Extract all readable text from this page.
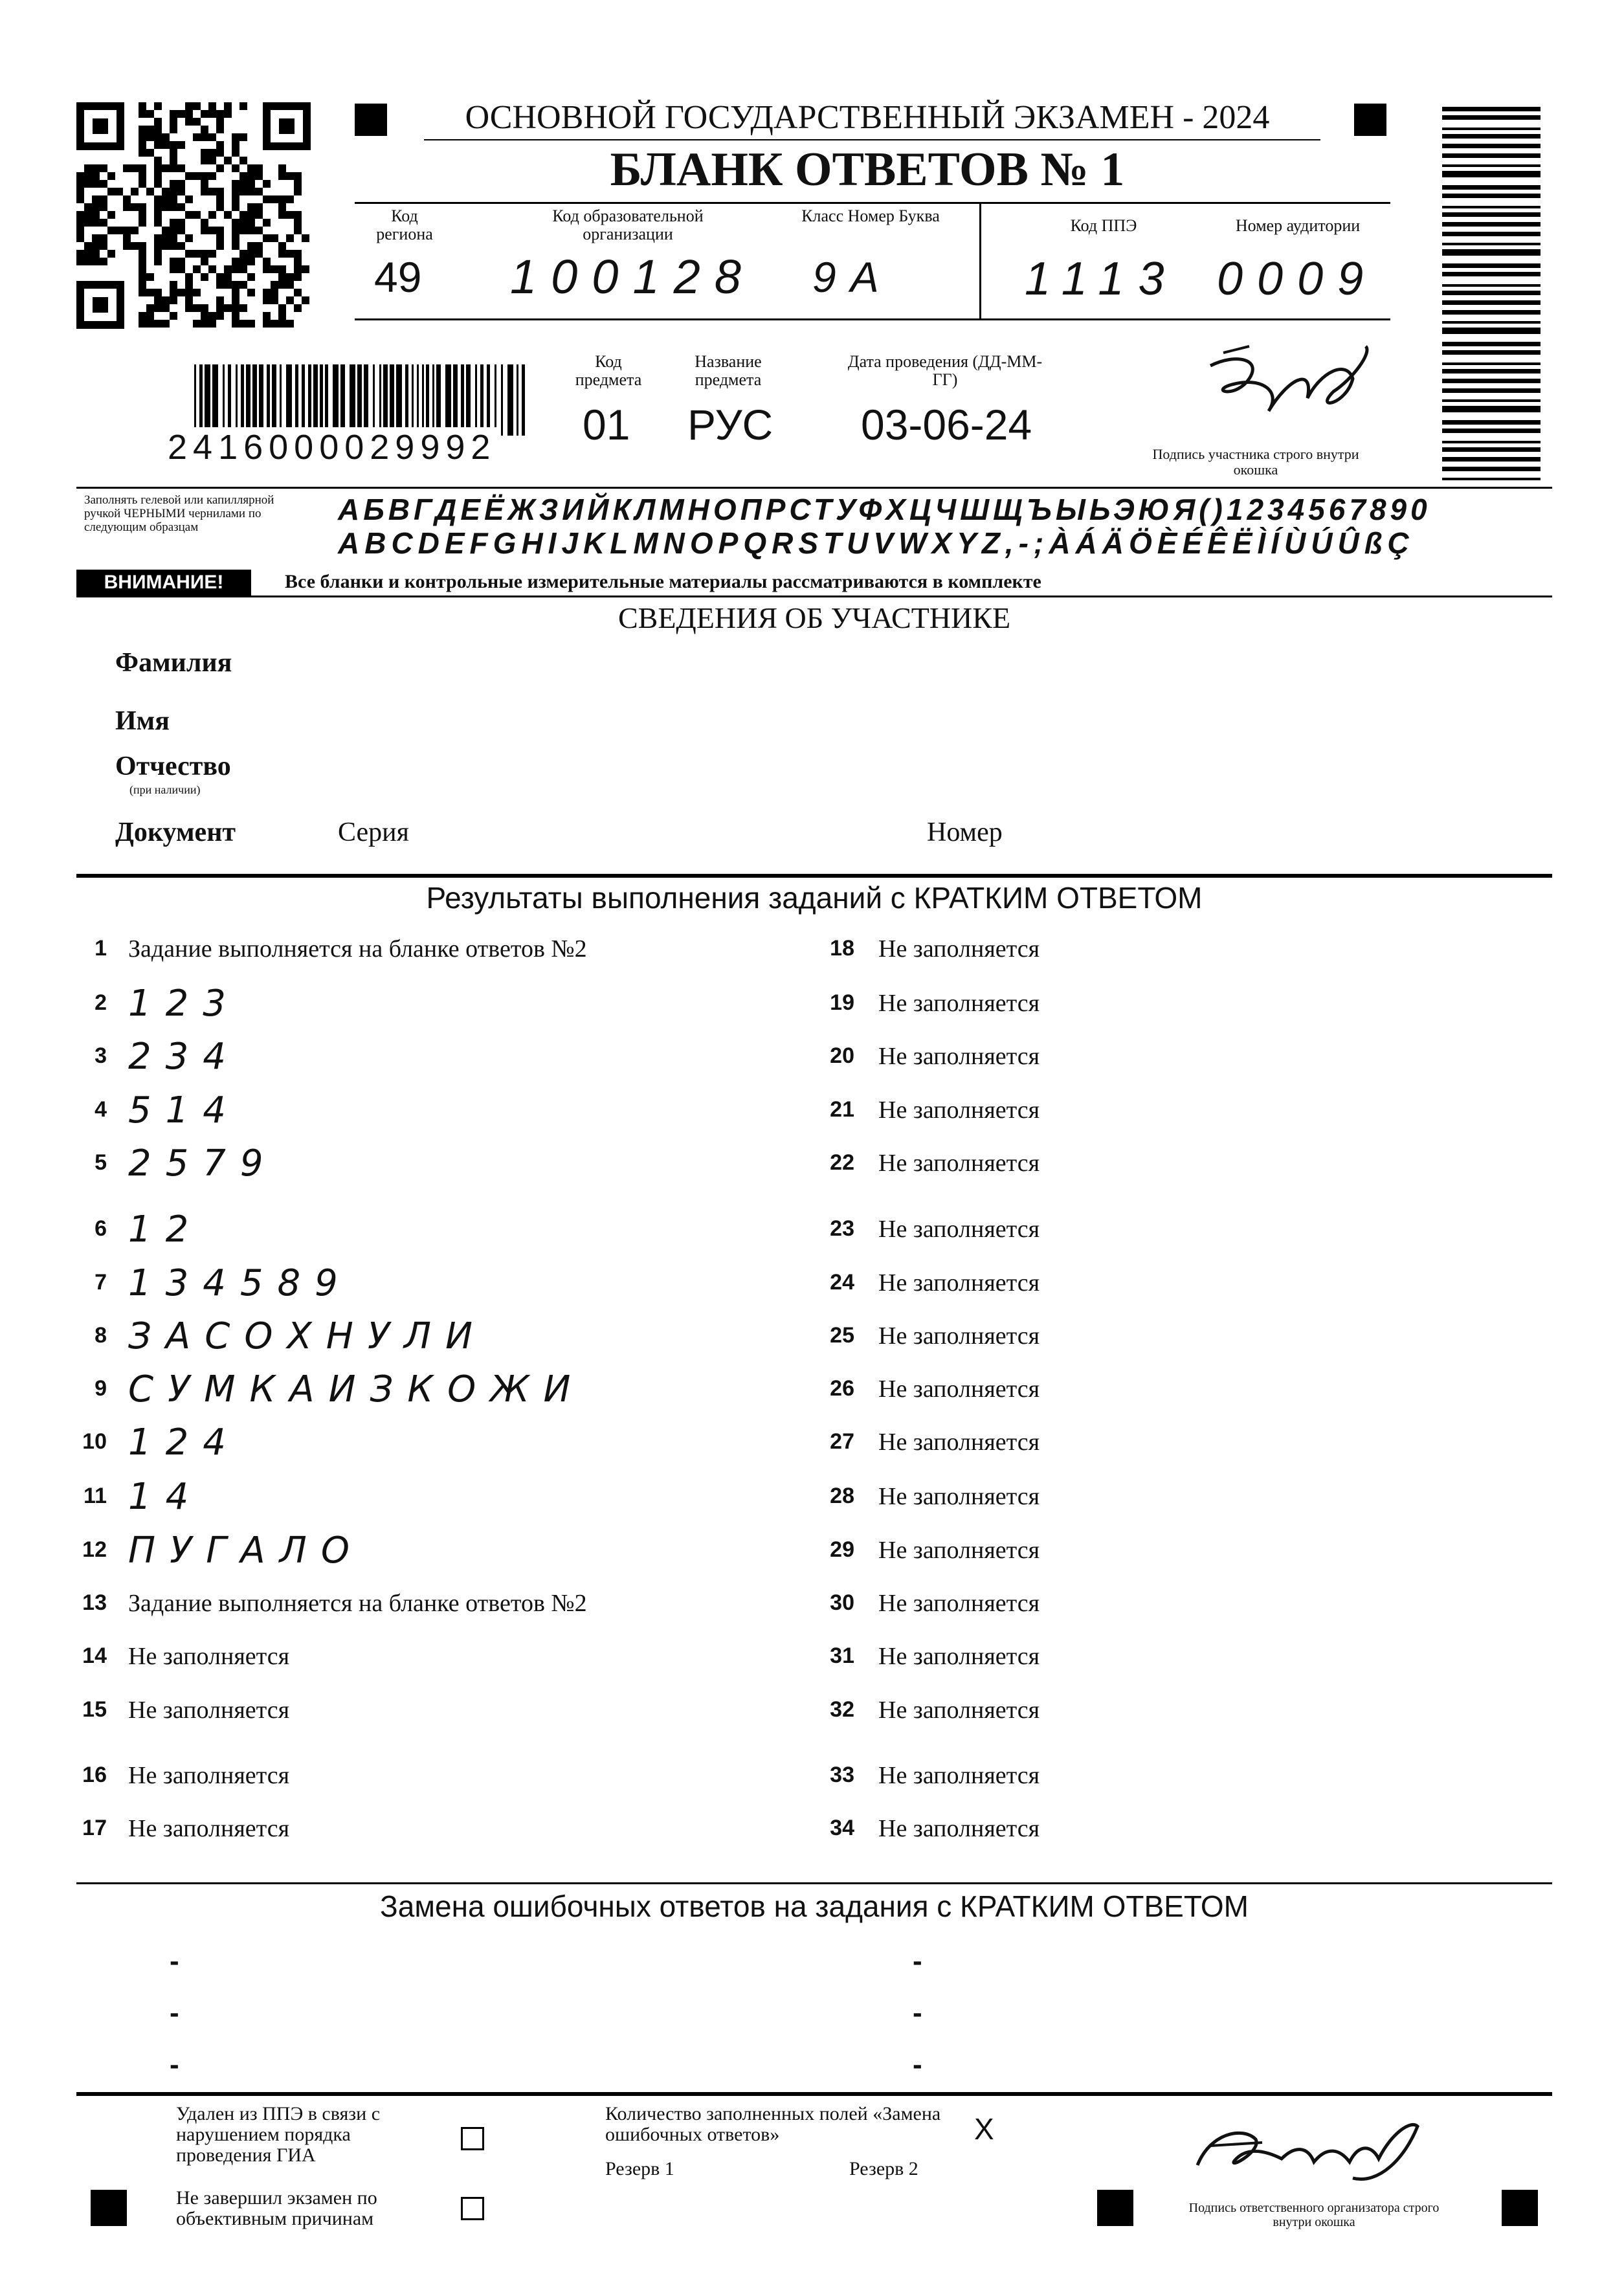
ОСНОВНОЙ ГОСУДАРСТВЕННЫЙ ЭКЗАМЕН - 2024
БЛАНК ОТВЕТОВ № 1
Код региона
49
Код образовательной организации
100128
Класс Номер Буква
9А
Код ППЭ
1113
Номер аудитории
0009
2416000029992
Код предмета
01
Название предмета
РУС
Дата проведения (ДД-ММ-ГГ)
03-06-24
Подпись участника строго внутри окошка
Заполнять гелевой или капиллярной ручкой ЧЕРНЫМИ чернилами по следующим образцам
АБВГДЕЁЖЗИЙКЛМНОПРСТУФХЦЧШЩЪЫЬЭЮЯ()1234567890
ABCDEFGHIJKLMNOPQRSTUVWXYZ,-;ÀÁÄÖÈÉÊËÌÍÙÚÛßÇ
ВНИМАНИЕ!	Все бланки и контрольные измерительные материалы рассматриваются в комплекте
СВЕДЕНИЯ ОБ УЧАСТНИКЕ
Фамилия
Имя
Отчество
(при наличии)
Документ	Серия	Номер
Результаты выполнения заданий с КРАТКИМ ОТВЕТОМ
1 Задание выполняется на бланке ответов №2
2 123
3 234
4 514
5 2579
6 12
7 134589
8 ЗАСОХНУЛИ
9 СУМКАИЗКОЖИ
10 124
11 14
12 ПУГАЛО
13 Задание выполняется на бланке ответов №2
14 Не заполняется
15 Не заполняется
16 Не заполняется
17 Не заполняется
18 Не заполняется
19 Не заполняется
20 Не заполняется
21 Не заполняется
22 Не заполняется
23 Не заполняется
24 Не заполняется
25 Не заполняется
26 Не заполняется
27 Не заполняется
28 Не заполняется
29 Не заполняется
30 Не заполняется
31 Не заполняется
32 Не заполняется
33 Не заполняется
34 Не заполняется
Замена ошибочных ответов на задания с КРАТКИМ ОТВЕТОМ
-
-
-
-
-
-
Удален из ППЭ в связи с нарушением порядка проведения ГИА
Не завершил экзамен по объективным причинам
Количество заполненных полей «Замена ошибочных ответов»	X
Резерв 1	Резерв 2
Подпись ответственного организатора строго внутри окошка
